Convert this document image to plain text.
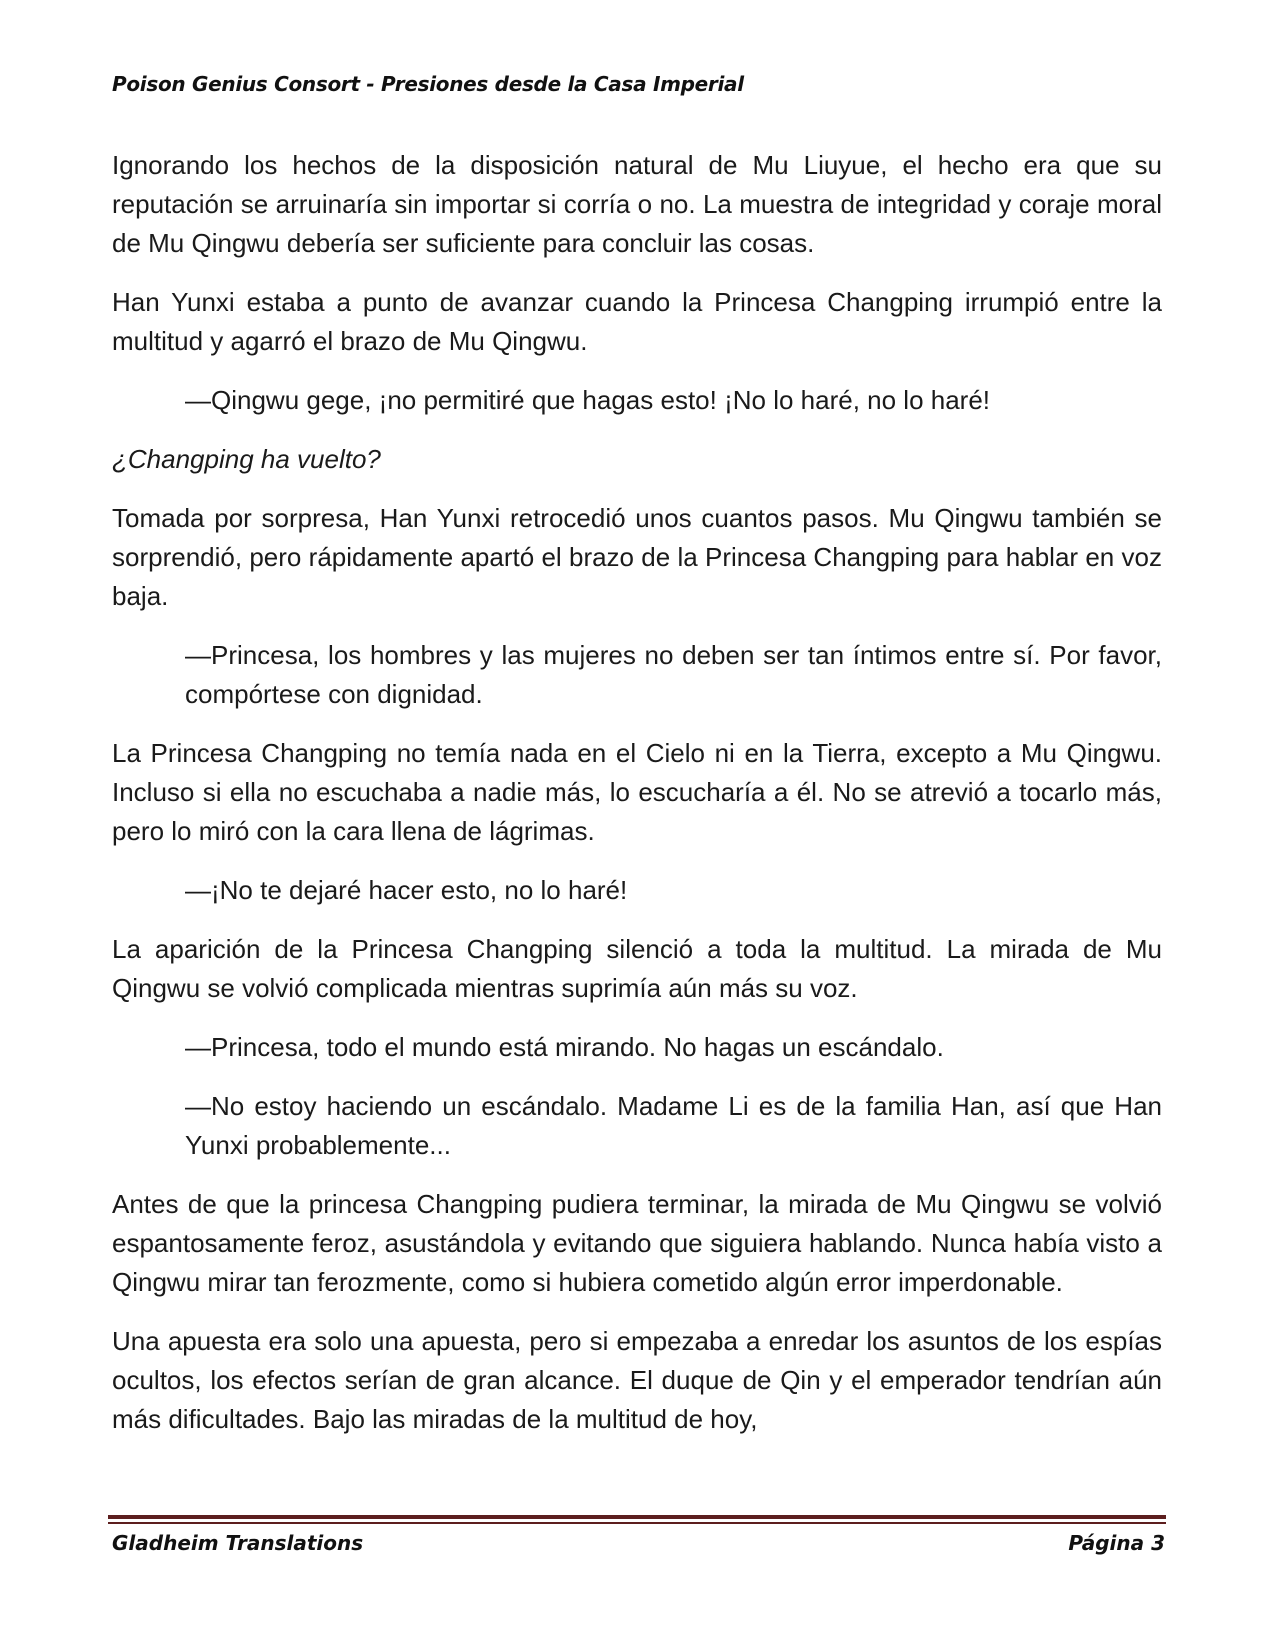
Poison Genius Consort - Presiones desde la Casa Imperial

Ignorando los hechos de la disposición natural de Mu Liuyue, el hecho era que su reputación se arruinaría sin importar si corría o no. La muestra de integridad y coraje moral de Mu Qingwu debería ser suficiente para concluir las cosas.

Han Yunxi estaba a punto de avanzar cuando la Princesa Changping irrumpió entre la multitud y agarró el brazo de Mu Qingwu.

—Qingwu gege, ¡no permitiré que hagas esto! ¡No lo haré, no lo haré!

¿Changping ha vuelto?

Tomada por sorpresa, Han Yunxi retrocedió unos cuantos pasos. Mu Qingwu también se sorprendió, pero rápidamente apartó el brazo de la Princesa Changping para hablar en voz baja.

—Princesa, los hombres y las mujeres no deben ser tan íntimos entre sí. Por favor, compórtese con dignidad.

La Princesa Changping no temía nada en el Cielo ni en la Tierra, excepto a Mu Qingwu. Incluso si ella no escuchaba a nadie más, lo escucharía a él. No se atrevió a tocarlo más, pero lo miró con la cara llena de lágrimas.

—¡No te dejaré hacer esto, no lo haré!

La aparición de la Princesa Changping silenció a toda la multitud. La mirada de Mu Qingwu se volvió complicada mientras suprimía aún más su voz.

—Princesa, todo el mundo está mirando. No hagas un escándalo.

—No estoy haciendo un escándalo. Madame Li es de la familia Han, así que Han Yunxi probablemente...

Antes de que la princesa Changping pudiera terminar, la mirada de Mu Qingwu se volvió espantosamente feroz, asustándola y evitando que siguiera hablando. Nunca había visto a Qingwu mirar tan ferozmente, como si hubiera cometido algún error imperdonable.

Una apuesta era solo una apuesta, pero si empezaba a enredar los asuntos de los espías ocultos, los efectos serían de gran alcance. El duque de Qin y el emperador tendrían aún más dificultades. Bajo las miradas de la multitud de hoy,

Gladheim Translations	Página 3
